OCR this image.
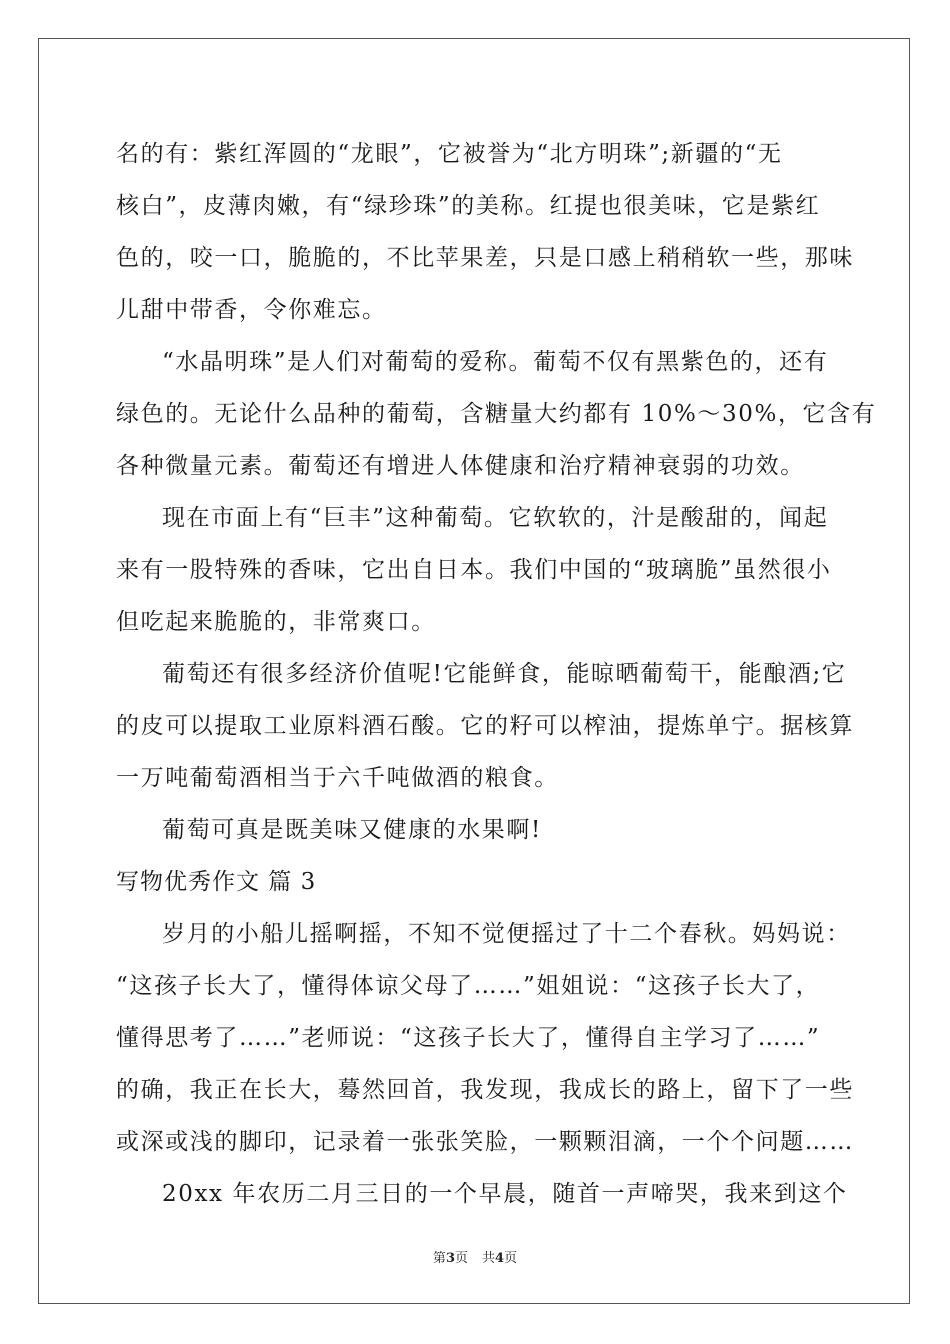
名的有：紫红浑圆的“龙眼”，它被誉为“北方明珠”;新疆的“无
核白”，皮薄肉嫩，有“绿珍珠”的美称。红提也很美味，它是紫红
色的，咬一口，脆脆的，不比苹果差，只是口感上稍稍软一些，那味
儿甜中带香，令你难忘。
“水晶明珠”是人们对葡萄的爱称。葡萄不仅有黑紫色的，还有
绿色的。无论什么品种的葡萄，含糖量大约都有 10%～30%，它含有
各种微量元素。葡萄还有增进人体健康和治疗精神衰弱的功效。
现在市面上有“巨丰”这种葡萄。它软软的，汁是酸甜的，闻起
来有一股特殊的香味，它出自日本。我们中国的“玻璃脆”虽然很小
但吃起来脆脆的，非常爽口。
葡萄还有很多经济价值呢!它能鲜食，能晾晒葡萄干，能酿酒;它
的皮可以提取工业原料酒石酸。它的籽可以榨油，提炼单宁。据核算
一万吨葡萄酒相当于六千吨做酒的粮食。
葡萄可真是既美味又健康的水果啊!
写物优秀作文 篇 3
岁月的小船儿摇啊摇，不知不觉便摇过了十二个春秋。妈妈说：
“这孩子长大了，懂得体谅父母了……”姐姐说：“这孩子长大了，
懂得思考了……”老师说：“这孩子长大了，懂得自主学习了……”
的确，我正在长大，蓦然回首，我发现，我成长的路上，留下了一些
或深或浅的脚印，记录着一张张笑脸，一颗颗泪滴，一个个问题……
20xx 年农历二月三日的一个早晨，随首一声啼哭，我来到这个
第3页 共4页
